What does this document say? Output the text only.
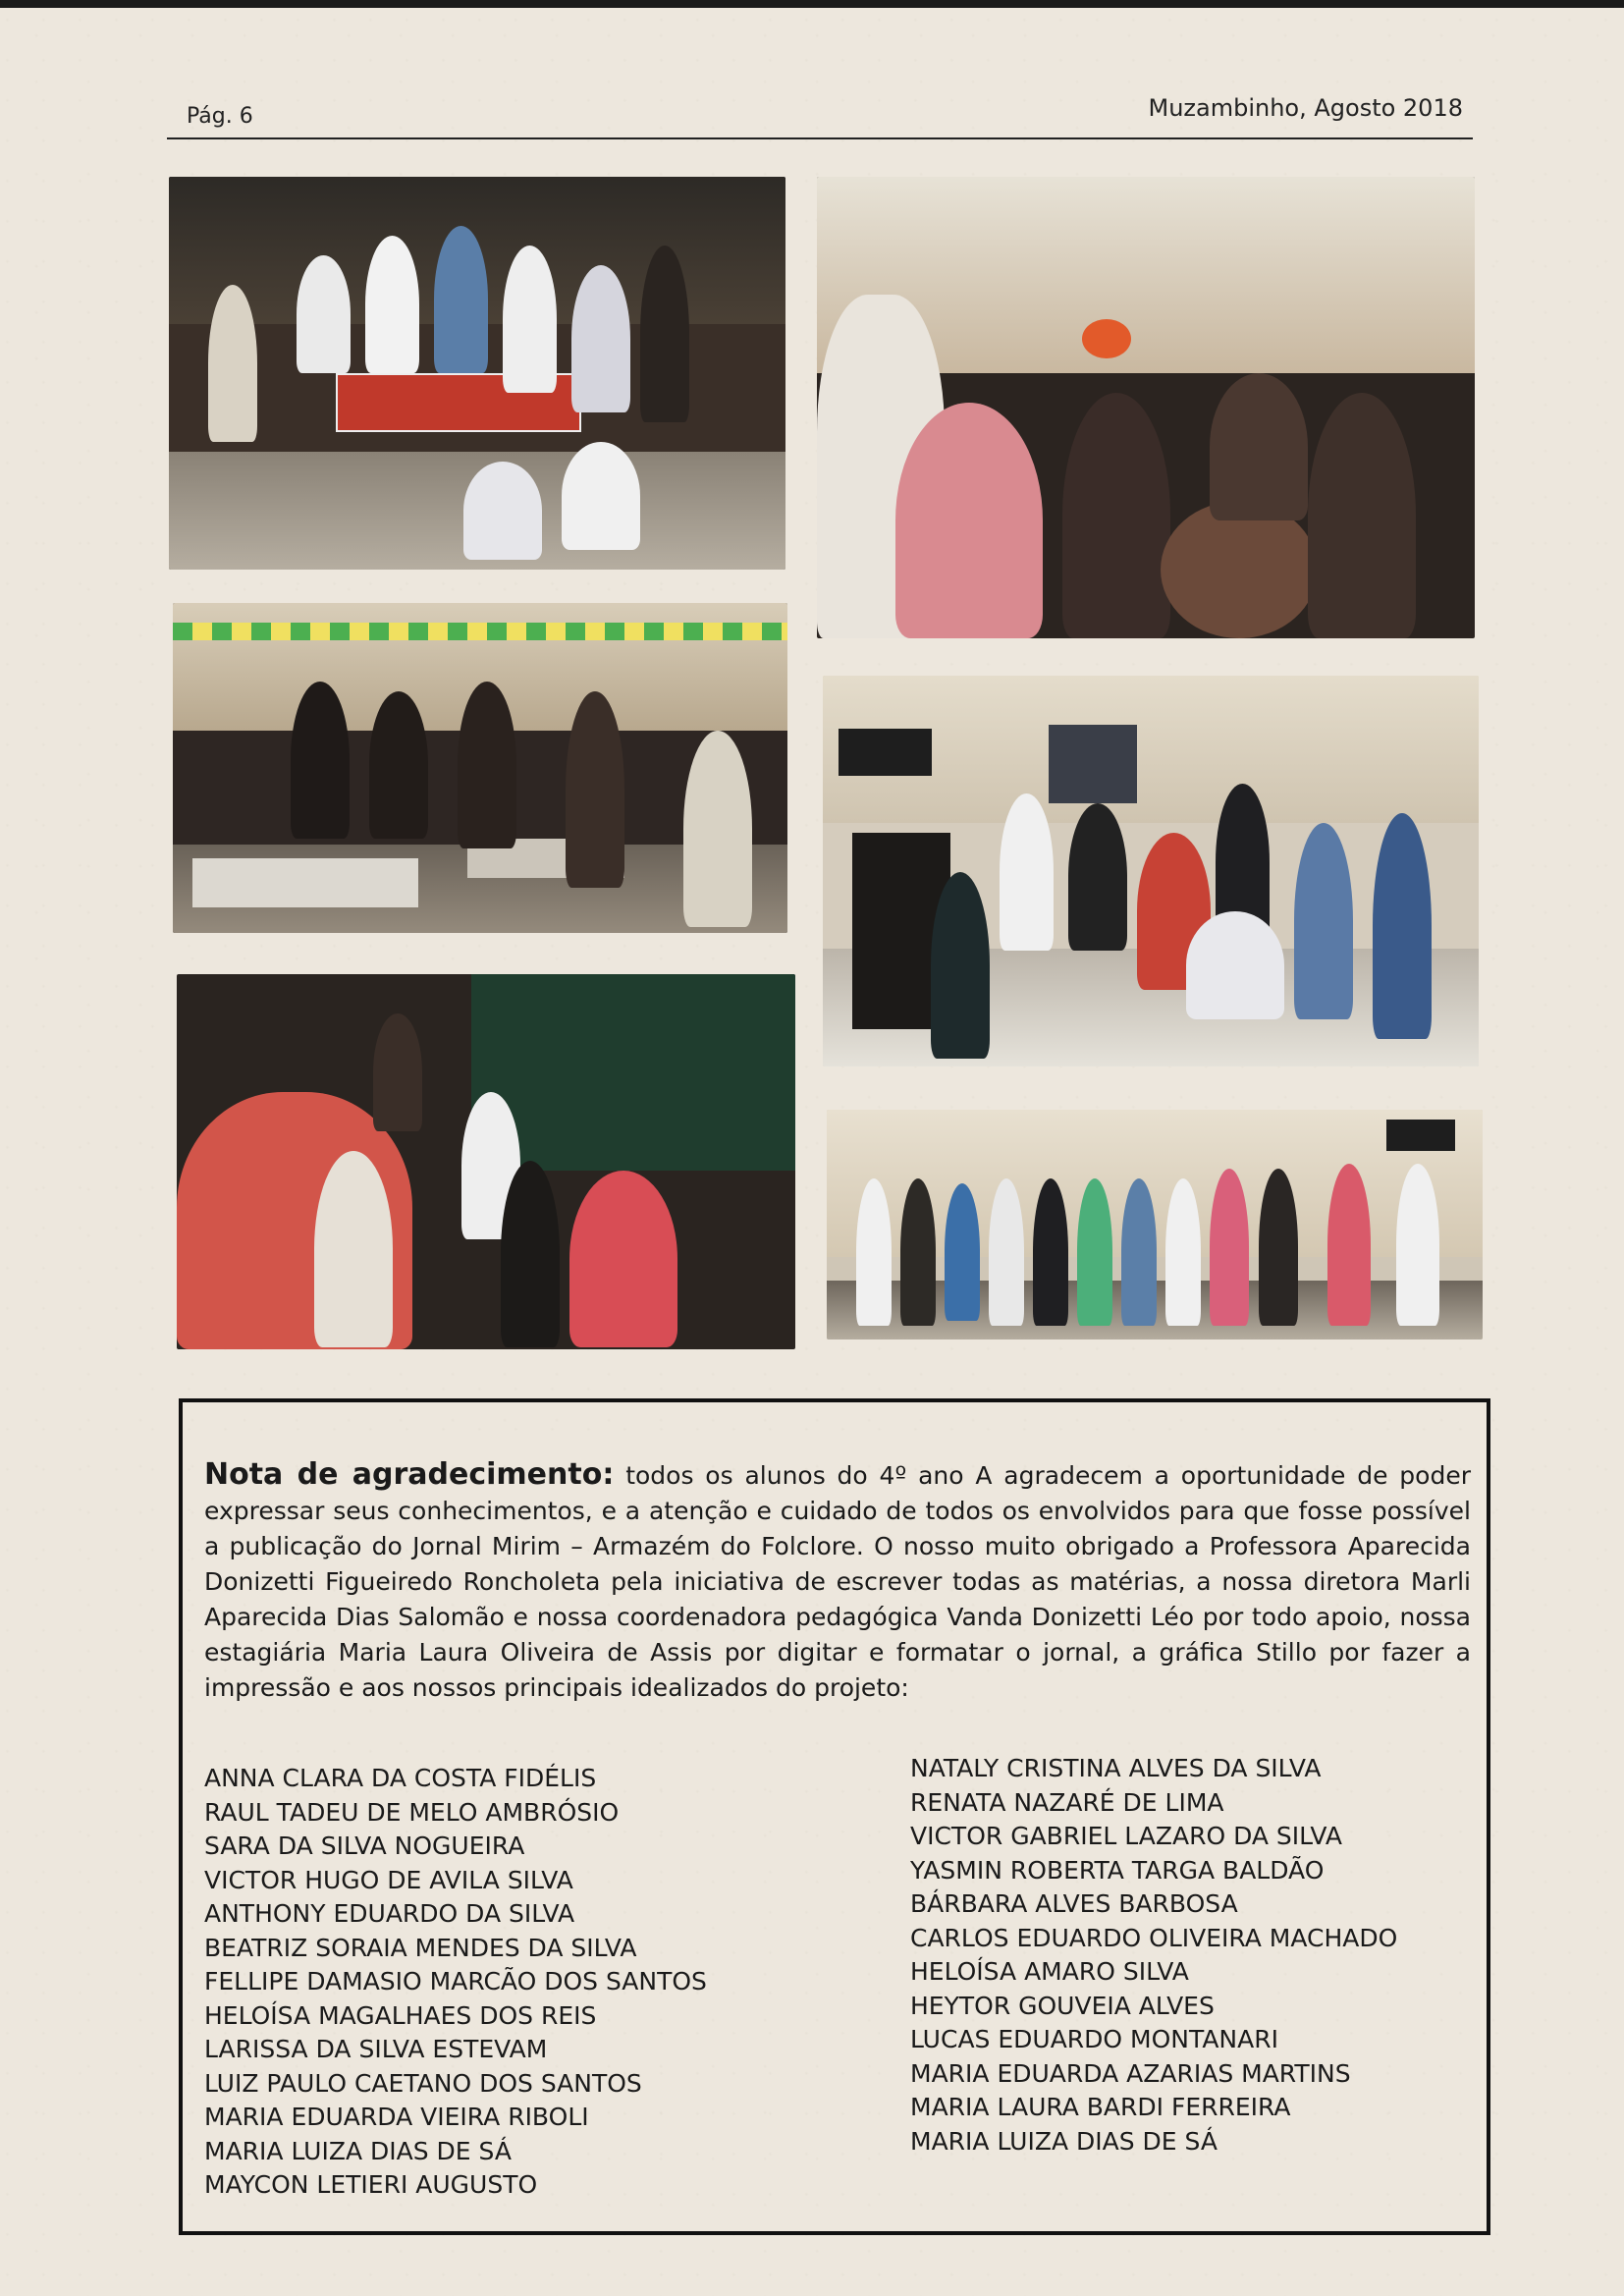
Pág. 6	Muzambinho, Agosto 2018

Nota de agradecimento: todos os alunos do 4º ano A agradecem a oportunidade de poder expressar seus conhecimentos, e a atenção e cuidado de todos os envolvidos para que fosse possível a publicação do Jornal Mirim – Armazém do Folclore. O nosso muito obrigado a Professora Aparecida Donizetti Figueiredo Roncholeta pela iniciativa de escrever todas as matérias, a nossa diretora Marli Aparecida Dias Salomão e nossa coordenadora pedagógica Vanda Donizetti Léo por todo apoio, nossa estagiária Maria Laura Oliveira de Assis por digitar e formatar o jornal, a gráfica Stillo por fazer a impressão e aos nossos principais idealizados do projeto:

ANNA CLARA DA COSTA FIDÉLIS
RAUL TADEU DE MELO AMBRÓSIO
SARA DA SILVA NOGUEIRA
VICTOR HUGO DE AVILA SILVA
ANTHONY EDUARDO DA SILVA
BEATRIZ SORAIA MENDES DA SILVA
FELLIPE DAMASIO MARCÃO DOS SANTOS
HELOÍSA MAGALHAES DOS REIS
LARISSA DA SILVA ESTEVAM
LUIZ PAULO CAETANO DOS SANTOS
MARIA EDUARDA VIEIRA RIBOLI
MARIA LUIZA DIAS DE SÁ
MAYCON LETIERI AUGUSTO
NATALY CRISTINA ALVES DA SILVA
RENATA NAZARÉ DE LIMA
VICTOR GABRIEL LAZARO DA SILVA
YASMIN ROBERTA TARGA BALDÃO
BÁRBARA ALVES BARBOSA
CARLOS EDUARDO OLIVEIRA MACHADO
HELOÍSA AMARO SILVA
HEYTOR GOUVEIA ALVES
LUCAS EDUARDO MONTANARI
MARIA EDUARDA AZARIAS MARTINS
MARIA LAURA BARDI FERREIRA
MARIA LUIZA DIAS DE SÁ
